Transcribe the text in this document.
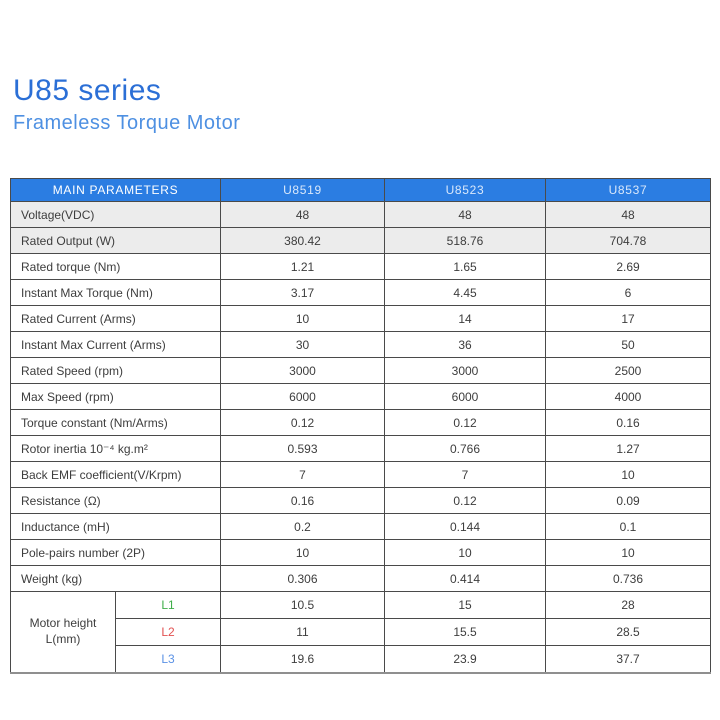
U85 series
Frameless Torque Motor
MAIN PARAMETERS		U8519	U8523	U8537
Voltage(VDC)		48	48	48
Rated Output (W)		380.42	518.76	704.78
Rated torque (Nm)		1.21	1.65	2.69
Instant Max Torque (Nm)		3.17	4.45	6
Rated Current (Arms)		10	14	17
Instant Max Current (Arms)		30	36	50
Rated Speed (rpm)		3000	3000	2500
Max Speed (rpm)		6000	6000	4000
Torque constant (Nm/Arms)		0.12	0.12	0.16
Rotor inertia 10⁻⁴ kg.m²		0.593	0.766	1.27
Back EMF coefficient(V/Krpm)		7	7	10
Resistance (Ω)		0.16	0.12	0.09
Inductance (mH)		0.2	0.144	0.1
Pole-pairs number (2P)		10	10	10
Weight (kg)		0.306	0.414	0.736

Motor height
L(mm)	L1	10.5	15	28
	L2	11	15.5	28.5
	L3	19.6	23.9	37.7
